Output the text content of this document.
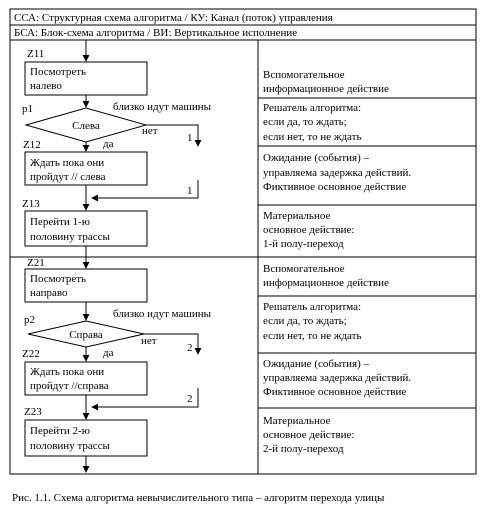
ССА: Структурная схема алгоритма / КУ: Канал (поток) управления
БСА: Блок-схема алгоритма / ВИ: Вертикальное исполнение
Z11
Посмотреть
налево
p1	близко идут машины
Слева	нет
1
да
Z12
Ждать пока они
пройдут // слева
1
Z13
Перейти 1-ю
половину трассы
Z21
Посмотреть
направо
p2	близко идут машины
Справа	нет
2
да
Z22
Ждать пока они
пройдут //справа
2
Z23
Перейти 2-ю
половину трассы
Вспомогательное
информационное действие
Решатель алгоритма:
если да, то ждать;
если нет, то не ждать
Ожидание (события) –
управляема задержка действий.
Фиктивное основное действие
Материальное
основное действие:
1-й полу-переход
Вспомогательное
информационное действие
Решатель алгоритма:
если да, то ждать;
если нет, то не ждать
Ожидание (события) –
управляема задержка действий.
Фиктивное основное действие
Материальное
основное действие:
2-й полу-переход
Рис. 1.1. Схема алгоритма невычислительного типа – алгоритм перехода улицы
